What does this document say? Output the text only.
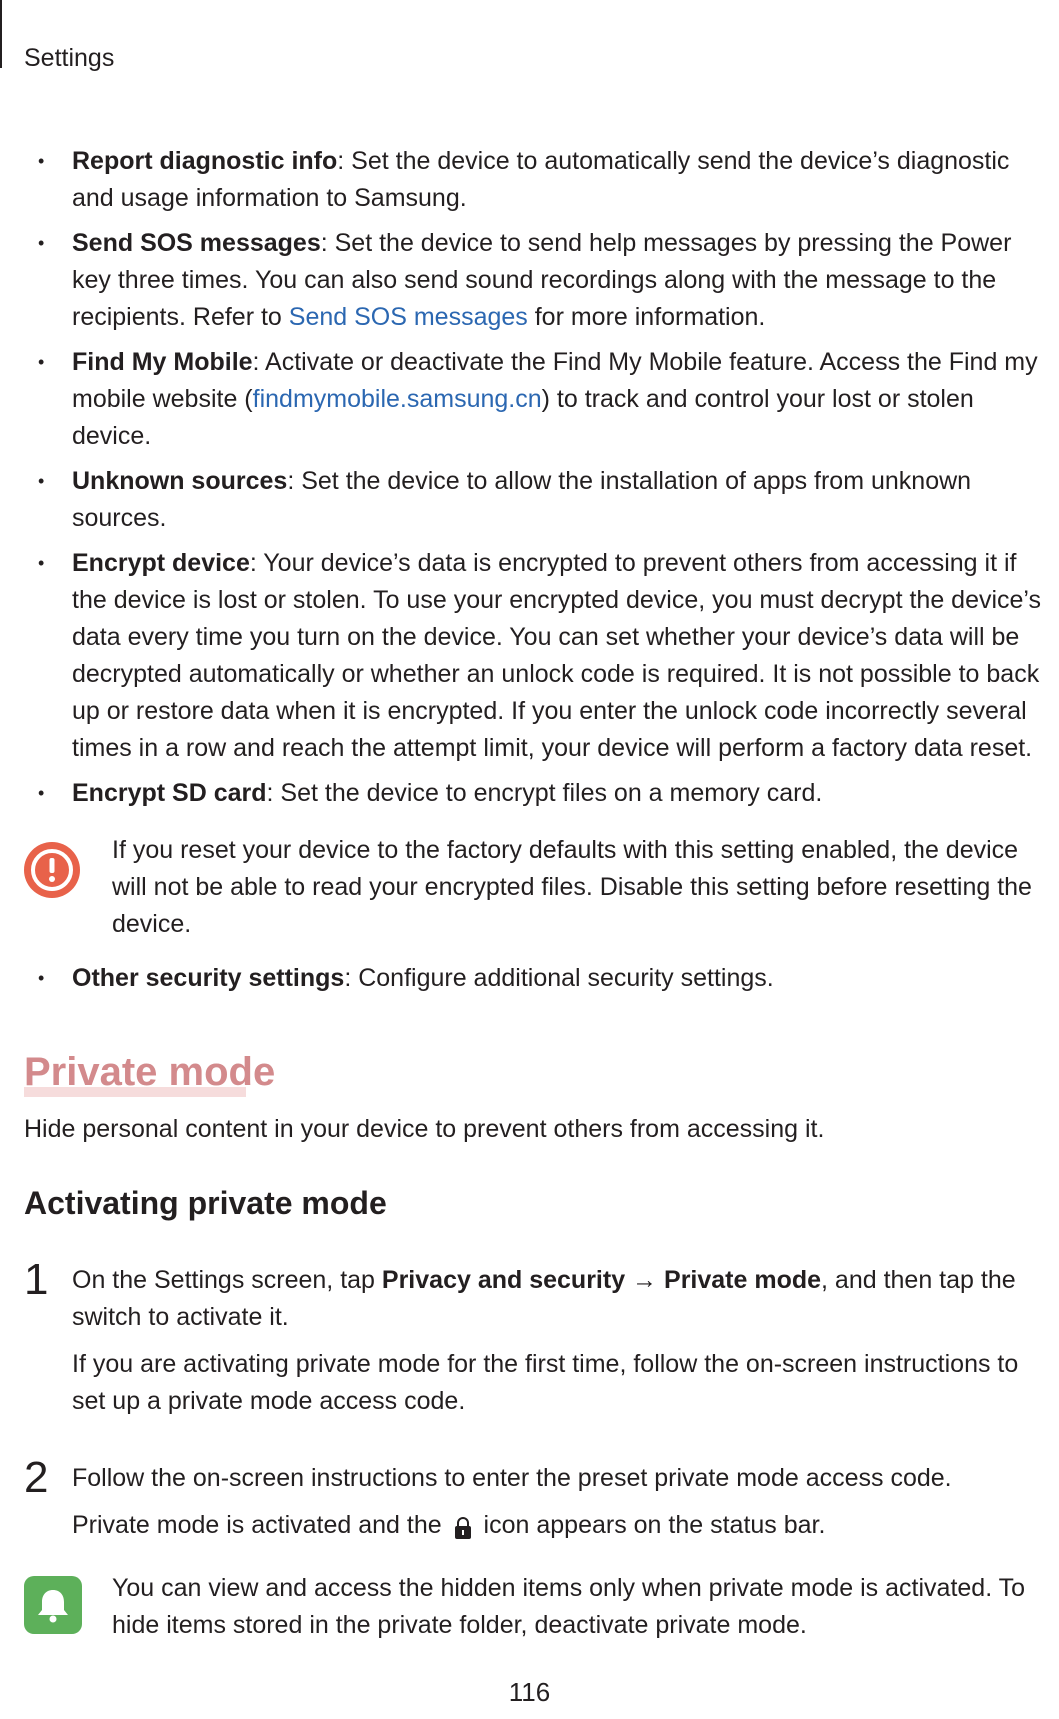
Settings
• Report diagnostic info: Set the device to automatically send the device’s diagnostic and usage information to Samsung.
• Send SOS messages: Set the device to send help messages by pressing the Power key three times. You can also send sound recordings along with the message to the recipients. Refer to Send SOS messages for more information.
• Find My Mobile: Activate or deactivate the Find My Mobile feature. Access the Find my mobile website (findmymobile.samsung.cn) to track and control your lost or stolen device.
• Unknown sources: Set the device to allow the installation of apps from unknown sources.
• Encrypt device: Your device’s data is encrypted to prevent others from accessing it if the device is lost or stolen. To use your encrypted device, you must decrypt the device’s data every time you turn on the device. You can set whether your device’s data will be decrypted automatically or whether an unlock code is required. It is not possible to back up or restore data when it is encrypted. If you enter the unlock code incorrectly several times in a row and reach the attempt limit, your device will perform a factory data reset.
• Encrypt SD card: Set the device to encrypt files on a memory card.
If you reset your device to the factory defaults with this setting enabled, the device will not be able to read your encrypted files. Disable this setting before resetting the device.
• Other security settings: Configure additional security settings.
Private mode

Hide personal content in your device to prevent others from accessing it.

Activating private mode
1 On the Settings screen, tap Privacy and security → Private mode, and then tap the switch to activate it.

If you are activating private mode for the first time, follow the on-screen instructions to set up a private mode access code.

2 Follow the on-screen instructions to enter the preset private mode access code.

Private mode is activated and the  icon appears on the status bar.

You can view and access the hidden items only when private mode is activated. To hide items stored in the private folder, deactivate private mode.
116
